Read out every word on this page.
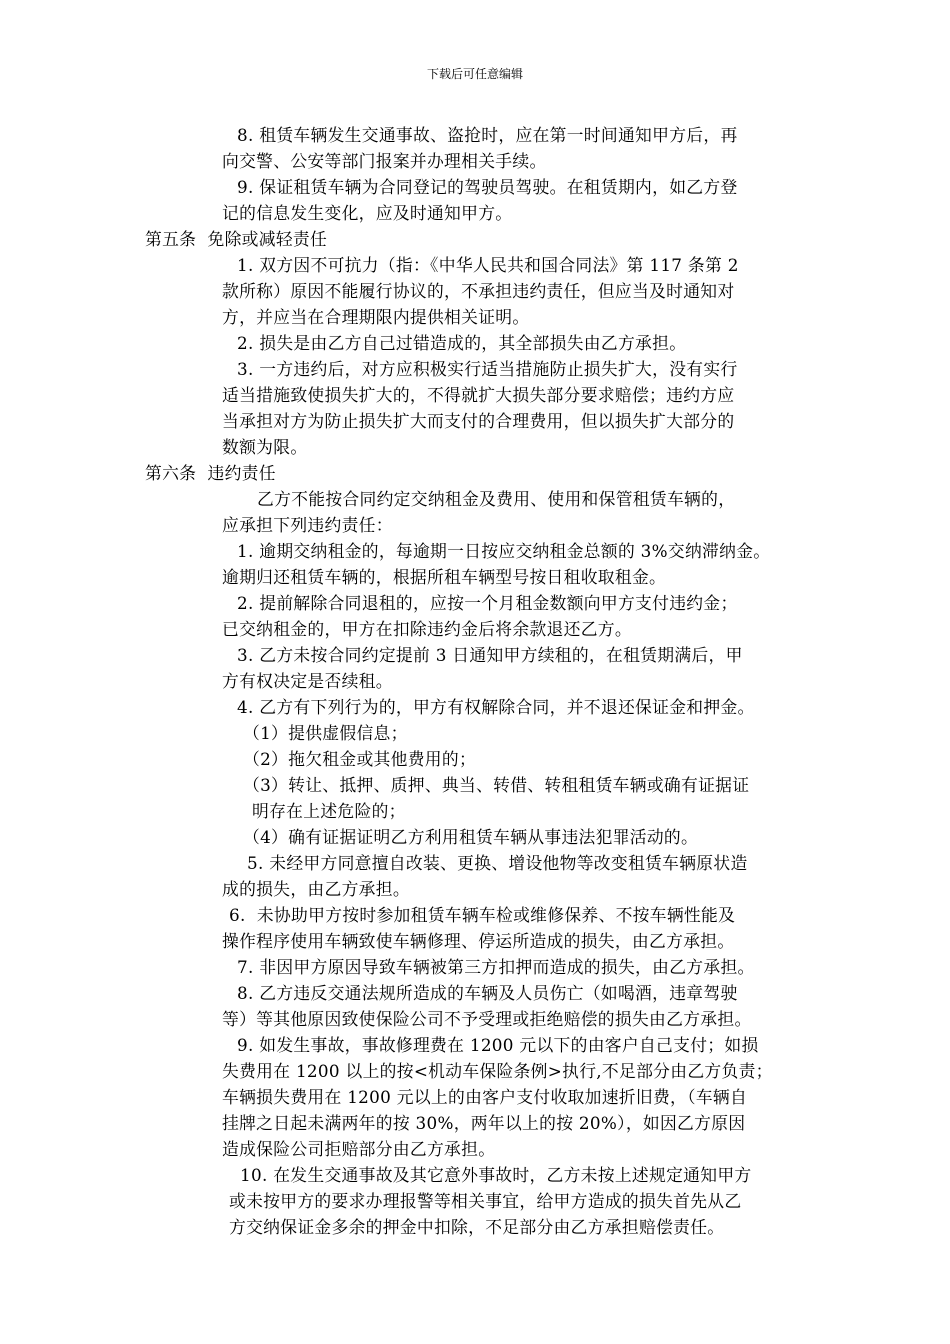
下载后可任意编辑
8. 租赁车辆发生交通事故、盗抢时，应在第一时间通知甲方后，再
向交警、公安等部门报案并办理相关手续。
9. 保证租赁车辆为合同登记的驾驶员驾驶。在租赁期内，如乙方登
记的信息发生变化，应及时通知甲方。
第五条  免除或减轻责任
1. 双方因不可抗力（指：《中华人民共和国合同法》第 117 条第 2
款所称）原因不能履行协议的，不承担违约责任，但应当及时通知对
方，并应当在合理期限内提供相关证明。
2. 损失是由乙方自己过错造成的，其全部损失由乙方承担。
3. 一方违约后，对方应积极实行适当措施防止损失扩大，没有实行
适当措施致使损失扩大的，不得就扩大损失部分要求赔偿；违约方应
当承担对方为防止损失扩大而支付的合理费用，但以损失扩大部分的
数额为限。
第六条  违约责任
乙方不能按合同约定交纳租金及费用、使用和保管租赁车辆的，
应承担下列违约责任：
1. 逾期交纳租金的，每逾期一日按应交纳租金总额的 3%交纳滞纳金。
逾期归还租赁车辆的，根据所租车辆型号按日租收取租金。
2. 提前解除合同退租的，应按一个月租金数额向甲方支付违约金；
已交纳租金的，甲方在扣除违约金后将余款退还乙方。
3. 乙方未按合同约定提前 3 日通知甲方续租的，在租赁期满后，甲
方有权决定是否续租。
4. 乙方有下列行为的，甲方有权解除合同，并不退还保证金和押金。
（1）提供虚假信息；
（2）拖欠租金或其他费用的；
（3）转让、抵押、质押、典当、转借、转租租赁车辆或确有证据证
明存在上述危险的；
（4）确有证据证明乙方利用租赁车辆从事违法犯罪活动的。
5. 未经甲方同意擅自改装、更换、增设他物等改变租赁车辆原状造
成的损失，由乙方承担。
6.  未协助甲方按时参加租赁车辆车检或维修保养、不按车辆性能及
操作程序使用车辆致使车辆修理、停运所造成的损失，由乙方承担。
7. 非因甲方原因导致车辆被第三方扣押而造成的损失，由乙方承担。
8. 乙方违反交通法规所造成的车辆及人员伤亡（如喝酒，违章驾驶
等）等其他原因致使保险公司不予受理或拒绝赔偿的损失由乙方承担。
9. 如发生事故，事故修理费在 1200 元以下的由客户自己支付；如损
失费用在 1200 以上的按<机动车保险条例>执行,不足部分由乙方负责；
车辆损失费用在 1200 元以上的由客户支付收取加速折旧费，（车辆自
挂牌之日起未满两年的按 30%，两年以上的按 20%），如因乙方原因
造成保险公司拒赔部分由乙方承担。
10. 在发生交通事故及其它意外事故时，乙方未按上述规定通知甲方
或未按甲方的要求办理报警等相关事宜，给甲方造成的损失首先从乙
方交纳保证金多余的押金中扣除，不足部分由乙方承担赔偿责任。
